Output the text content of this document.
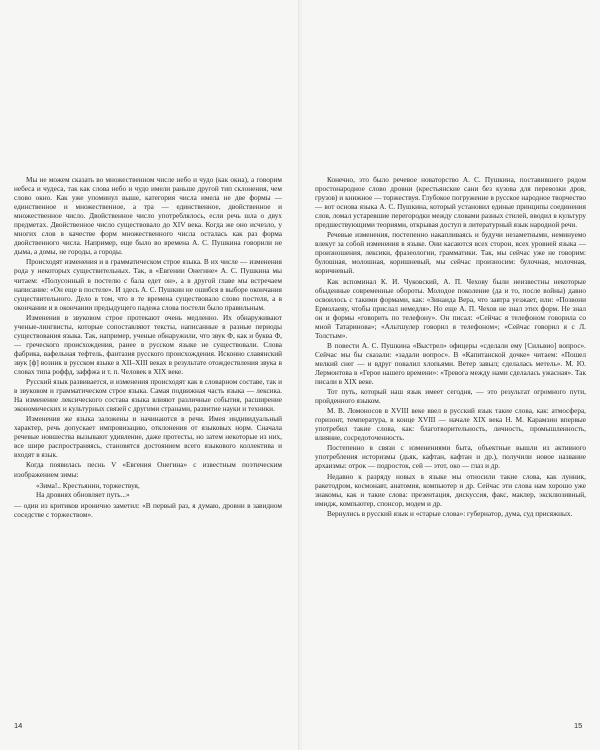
Мы не можем сказать во множественном числе небо и чудо (как окна), а говорим небеса и чудеса, так как слова небо и чудо имели раньше другой тип склонения, чем слово окно. Как уже упоминул выше, категория числа имела не две формы — единственное и множественное, а тра — единственное, двойственное и множественное число. Двойственное число употреблялось, если речь шла о двух предметах. Двойственное число существовало до XIV века. Когда же оно исчезло, у многих слов в качестве форм множественного числа осталась как раз форма двойственного числа. Например, еще было во времена А. С. Пушкина говорили не дыма, а домы, не городы, а городы.

Происходят изменения и в грамматическом строе языка. В их числе — изменения рода у некоторых существительных. Так, в «Евгении Онегине» А. С. Пушкина мы читаем: «Полусонный в постелю с бала едет он», а в другой главе мы встречаем написание: «Он еще в постеле». И здесь А. С. Пушкин не ошибся в выборе окончания существительного. Дело в том, что в те времена существовало слово постеля, а в окончании и в окончании предыдущего падежа слова постели было правильным.

Изменения в звуковом строе протекают очень медленно. Их обнаруживают ученые-лингвисты, которые сопоставляют тексты, написанные в разные периоды существования языка. Так, например, ученые обнаружили, что звук Ф, как и буква Ф, — греческого происхождения, ранее в русском языке не существовали. Слова фабрика, вафельная тефтель, фантазия русского происхождения. Исконно славянский звук [ф] возник в русском языке в XII–XIII веках в результате отождествления звука в словах типа роффд, заффжа и т. п. Человек в XIX веке.

Русский язык развивается, и изменения происходят как в словарном составе, так и в звуковом и грамматическом строе языка. Самая подвижная часть языка — лексика. На изменение лексического состава языка влияют различные события, расширение экономических и культурных связей с другими странами, развитие науки и техники.

Изменения же языка заложены и начинаются в речи. Имея индивидуальный характер, речь допускает импровизацию, отклонения от языковых норм. Сначала речевые новшества вызывают удивление, даже протесты, но затем некоторые из них, все шире распространяясь, становятся достоянием всего языкового коллектива и входят в язык.

Когда появилась песнь V «Евгения Онегина» с известным поэтическим изображением зимы:

«Зима!.. Крестьянин, торжествуя,
На дровнях обновляет путь...»

— один из критиков иронично заметил: «В первый раз, я думаю, дровни в завидном соседстве с торжеством».

Конечно, это было речевое новаторство А. С. Пушкина, поставившего рядом простонародное слово дровни (крестьянские сани без кузова для перевозки дров, грузов) и книжное — торжествуя. Глубокое погружение в русское народное творчество — вот основа языка А. С. Пушкина, который установил единые принципы соединения слов, ломал устаревшие перегородки между словами разных стилей, вводил в культуру предшествующими теориями, открывая доступ в литературный язык народной речи.

Речевые изменения, постепенно накапливаясь и будучи незаметными, неминуемо влекут за собой изменения в языке. Они касаются всех сторон, всех уровней языка — произношения, лексики, фразеологии, грамматики. Так, мы сейчас уже не говорим: булошная, молошная, коришневый, мы сейчас произносим: булочная, молочная, коричневый.

Как вспоминал К. И. Чуковский, А. П. Чехову были неизвестны некоторые обыденные современные обороты. Молодое поколение (да и то, после войны) давно освоилось с такими формами, как: «Зинаида Вера, что завтра уезжает, или: «Позвони Ермолаеву, чтобы прислал немедля». Но еще А. П. Чехов не знал этих форм. Не знал он и формы «говорить по телефону». Он писал: «Сейчас я телефоном говорила со мной Татаринова»; «Альтшулер говорил я телефоном»; «Сейчас говорил я с Л. Толстым».

В повести А. С. Пушкина «Выстрел» офицеры «сделали ему [Сильвио] вопрос». Сейчас мы бы сказали: «задали вопрос». В «Капитанской дочке» читаем: «Пошел мелкий снег — и вдруг повалил хлопьями. Ветер завыл; сделалась метель». М. Ю. Лермонтова в «Герое нашего времени»: «Тревога между нами сделалась ужасная». Так писали в XIX веке.

Тот путь, который наш язык имеет сегодня, — это результат огромного пути, пройденного языком.

М. В. Ломоносов в XVIII веке ввел в русский язык такие слова, как: атмосфера, горизонт, температура, в конце XVIII — начале XIX века Н. М. Карамзин впервые употребил такие слова, как: благотворительность, личность, промышленность, влияние, сосредоточенность.

Постепенно в связи с изменениями быта, объектные вышли из активного употребления историзмы (дьяк, кафтан, кафтан и др.), получили новое название архаизмы: отрок — подросток, сей — этот, око — глаз и др.

Недавно к разряду новых в языке мы относили такие слова, как лунник, ракетодром, космонавт, анатомия, компьютер и др. Сейчас эти слова нам хорошо уже знакомы, как и такие слова: презентация, дискуссия, факс, маклер, эксклюзивный, имидж, компьютер, спонсор, модем и др.

Вернулись в русский язык и «старые слова»: губернатор, дума, суд присяжных.

14	15
